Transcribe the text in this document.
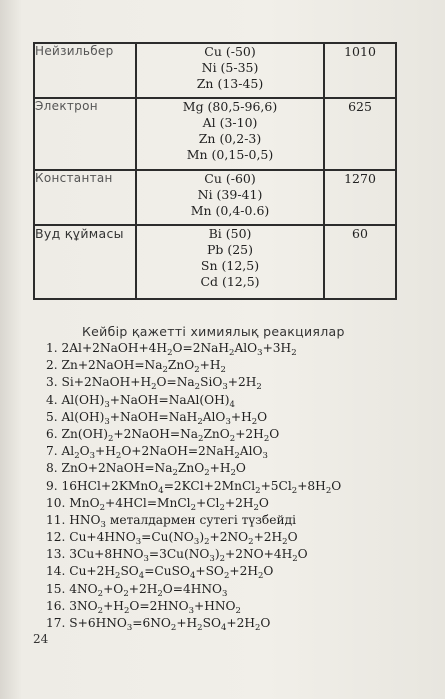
Нейзильбер	Cu (-50)
Ni (5-35)
Zn (13-45)	1010
Электрон	Mg (80,5-96,6)
Al (3-10)
Zn (0,2-3)
Mn (0,15-0,5)	625
Константан	Cu (-60)
Ni (39-41)
Mn (0,4-0.6)	1270
Вуд құймасы	Bi (50)
Pb (25)
Sn (12,5)
Cd (12,5)	60
Кейбір қажетті химиялық реакциялар
1. $2Al+2NaOH+4H_2O=2NaH_2AlO_3+3H_2$
2. $Zn+2NaOH=Na_2ZnO_2+H_2$
3. $Si+2NaOH+H_2O=Na_2SiO_3+2H_2$
4. $Al(OH)_3+NaOH=NaAl(OH)_4$
5. $Al(OH)_3+NaOH=NaH_2AlO_3+H_2O$
6. $Zn(OH)_2+2NaOH=Na_2ZnO_2+2H_2O$
7. $Al_2O_3+H_2O+2NaOH=2NaH_2AlO_3$
8. $ZnO+2NaOH=Na_2ZnO_2+H_2O$
9. $16HCl+2KMnO_4=2KCl+2MnCl_2+5Cl_2+8H_2O$
10. $MnO_2+4HCl=MnCl_2+Cl_2+2H_2O$
11. $HNO_3$ металдармен сутегі түзбейді
12. $Cu+4HNO_3=Cu(NO_3)_2+2NO_2+2H_2O$
13. $3Cu+8HNO_3=3Cu(NO_3)_2+2NO+4H_2O$
14. $Cu+2H_2SO_4=CuSO_4+SO_2+2H_2O$
15. $4NO_2+O_2+2H_2O=4HNO_3$
16. $3NO_2+H_2O=2HNO_3+HNO_2$
17. $S+6HNO_3=6NO_2+H_2SO_4+2H_2O$
24
